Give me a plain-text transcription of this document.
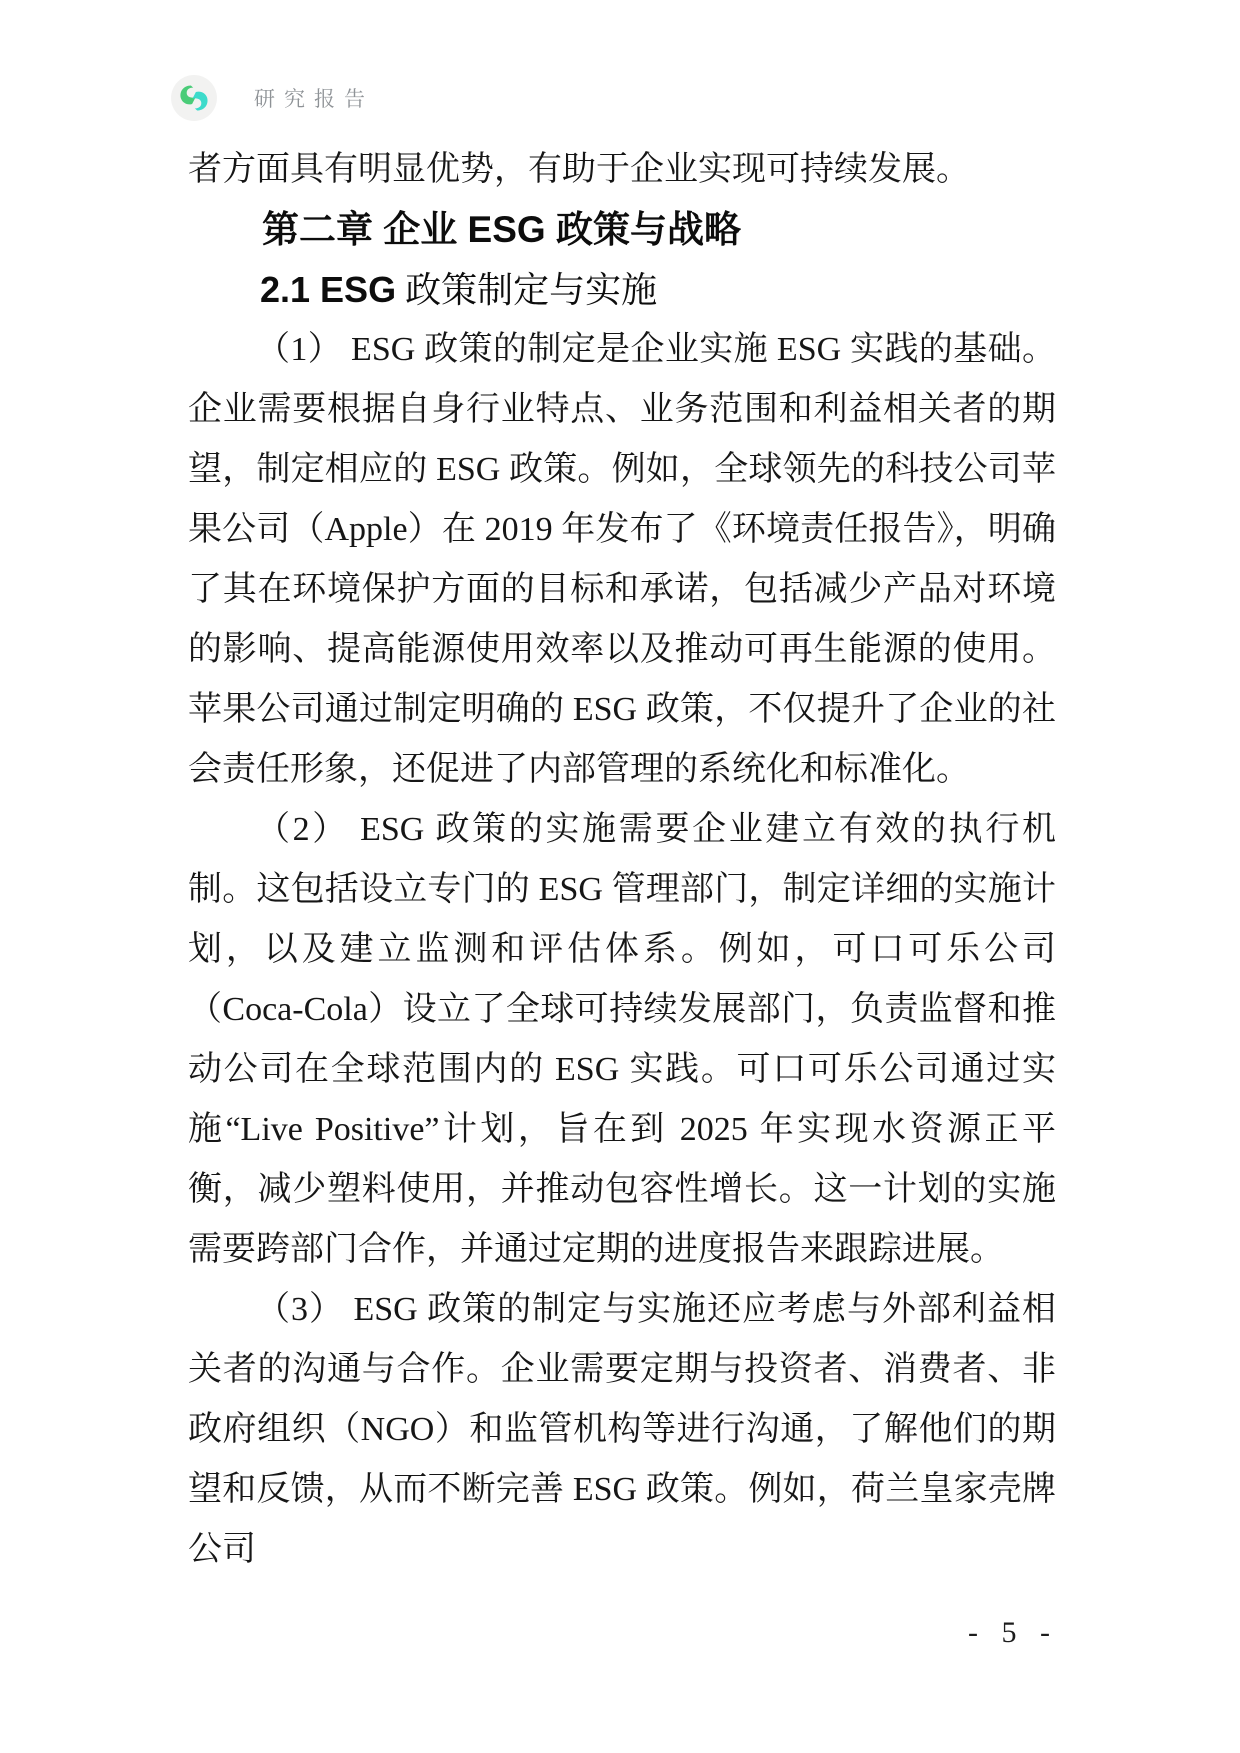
研究报告

者方面具有明显优势，有助于企业实现可持续发展。

第二章 企业 ESG 政策与战略

2.1 ESG 政策制定与实施

（1） ESG 政策的制定是企业实施 ESG 实践的基础。企业需要根据自身行业特点、业务范围和利益相关者的期望，制定相应的 ESG 政策。例如，全球领先的科技公司苹果公司（Apple）在 2019 年发布了《环境责任报告》，明确了其在环境保护方面的目标和承诺，包括减少产品对环境的影响、提高能源使用效率以及推动可再生能源的使用。苹果公司通过制定明确的 ESG 政策，不仅提升了企业的社会责任形象，还促进了内部管理的系统化和标准化。

（2） ESG 政策的实施需要企业建立有效的执行机制。这包括设立专门的 ESG 管理部门，制定详细的实施计划，以及建立监测和评估体系。例如，可口可乐公司（Coca-Cola）设立了全球可持续发展部门，负责监督和推动公司在全球范围内的 ESG 实践。可口可乐公司通过实施“Live Positive”计划，旨在到 2025 年实现水资源正平衡，减少塑料使用，并推动包容性增长。这一计划的实施需要跨部门合作，并通过定期的进度报告来跟踪进展。

（3） ESG 政策的制定与实施还应考虑与外部利益相关者的沟通与合作。企业需要定期与投资者、消费者、非政府组织（NGO）和监管机构等进行沟通，了解他们的期望和反馈，从而不断完善 ESG 政策。例如，荷兰皇家壳牌公司

- 5 -
